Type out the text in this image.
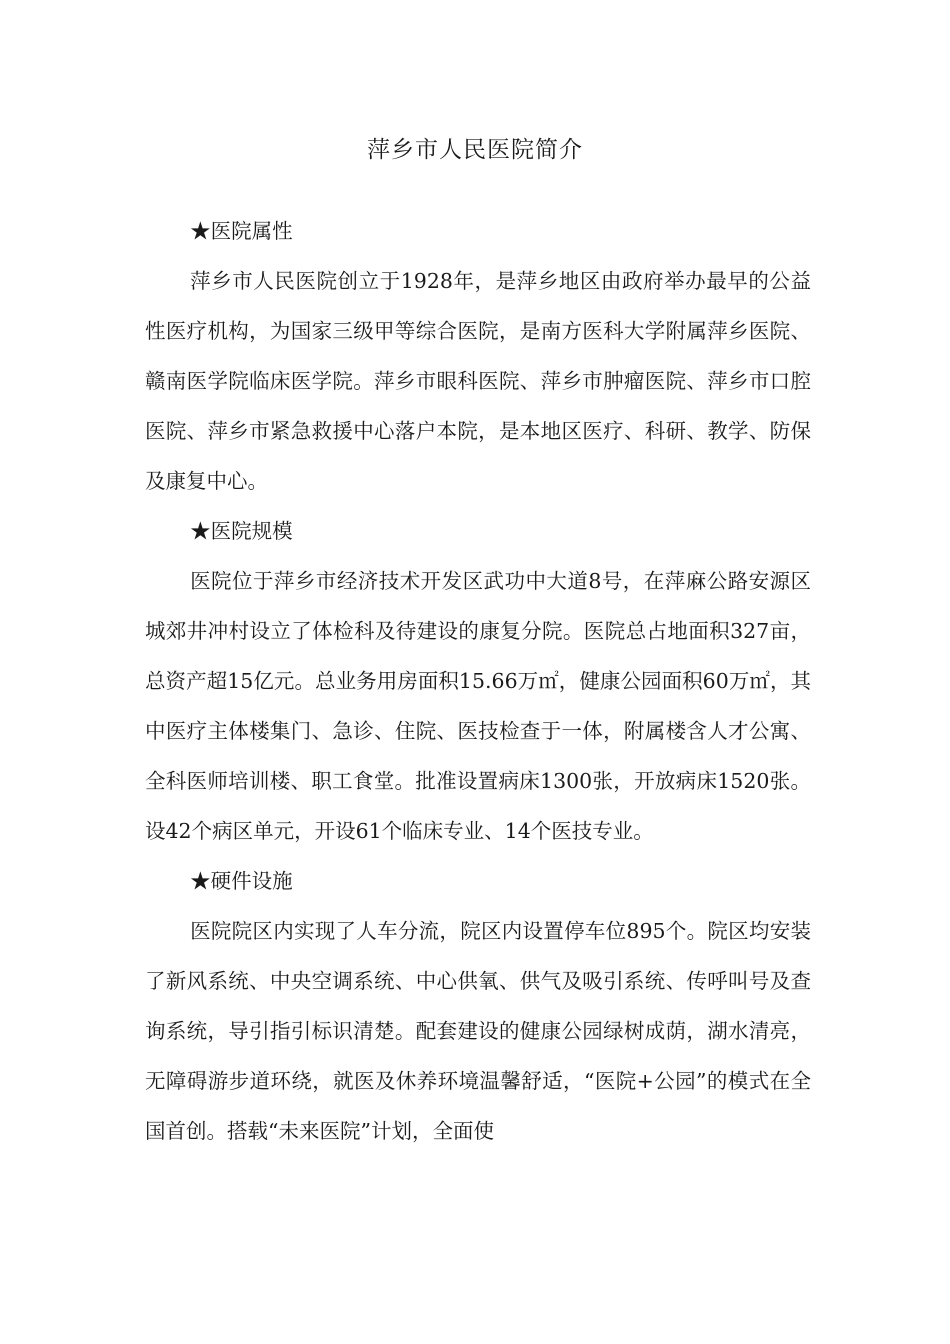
萍乡市人民医院简介

★医院属性

萍乡市人民医院创立于1928年，是萍乡地区由政府举办最早的公益性医疗机构，为国家三级甲等综合医院，是南方医科大学附属萍乡医院、赣南医学院临床医学院。萍乡市眼科医院、萍乡市肿瘤医院、萍乡市口腔医院、萍乡市紧急救援中心落户本院，是本地区医疗、科研、教学、防保及康复中心。

★医院规模

医院位于萍乡市经济技术开发区武功中大道8号，在萍麻公路安源区城郊井冲村设立了体检科及待建设的康复分院。医院总占地面积327亩，总资产超15亿元。总业务用房面积15.66万㎡，健康公园面积60万㎡，其中医疗主体楼集门、急诊、住院、医技检查于一体，附属楼含人才公寓、全科医师培训楼、职工食堂。批准设置病床1300张，开放病床1520张。设42个病区单元，开设61个临床专业、14个医技专业。

★硬件设施

医院院区内实现了人车分流，院区内设置停车位895个。院区均安装了新风系统、中央空调系统、中心供氧、供气及吸引系统、传呼叫号及查询系统，导引指引标识清楚。配套建设的健康公园绿树成荫，湖水清亮，无障碍游步道环绕，就医及休养环境温馨舒适，“医院+公园”的模式在全国首创。搭载“未来医院”计划，全面使
